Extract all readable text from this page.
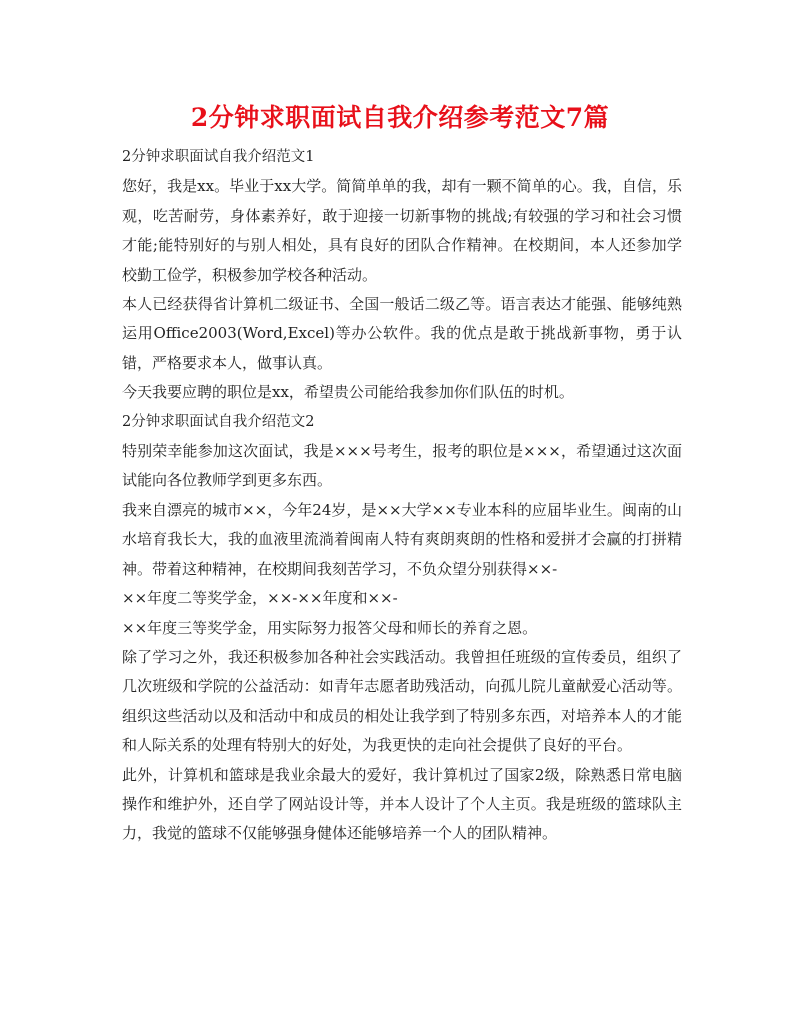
2分钟求职面试自我介绍参考范文7篇

2分钟求职面试自我介绍范文1

您好，我是xx。毕业于xx大学。简简单单的我，却有一颗不简单的心。我，自信，乐观，吃苦耐劳，身体素养好，敢于迎接一切新事物的挑战;有较强的学习和社会习惯才能;能特别好的与别人相处，具有良好的团队合作精神。在校期间，本人还参加学校勤工俭学，积极参加学校各种活动。

本人已经获得省计算机二级证书、全国一般话二级乙等。语言表达才能强、能够纯熟运用Office2003(Word,Excel)等办公软件。我的优点是敢于挑战新事物，勇于认错，严格要求本人，做事认真。

今天我要应聘的职位是xx，希望贵公司能给我参加你们队伍的时机。

2分钟求职面试自我介绍范文2

特别荣幸能参加这次面试，我是×××号考生，报考的职位是×××，希望通过这次面试能向各位教师学到更多东西。

我来自漂亮的城市××，今年24岁，是××大学××专业本科的应届毕业生。闽南的山水培育我长大，我的血液里流淌着闽南人特有爽朗爽朗的性格和爱拼才会赢的打拼精神。带着这种精神，在校期间我刻苦学习，不负众望分别获得××-

××年度二等奖学金，××-××年度和××-

××年度三等奖学金，用实际努力报答父母和师长的养育之恩。

除了学习之外，我还积极参加各种社会实践活动。我曾担任班级的宣传委员，组织了几次班级和学院的公益活动：如青年志愿者助残活动，向孤儿院儿童献爱心活动等。组织这些活动以及和活动中和成员的相处让我学到了特别多东西，对培养本人的才能和人际关系的处理有特别大的好处，为我更快的走向社会提供了良好的平台。

此外，计算机和篮球是我业余最大的爱好，我计算机过了国家2级，除熟悉日常电脑操作和维护外，还自学了网站设计等，并本人设计了个人主页。我是班级的篮球队主力，我觉的篮球不仅能够强身健体还能够培养一个人的团队精神。
